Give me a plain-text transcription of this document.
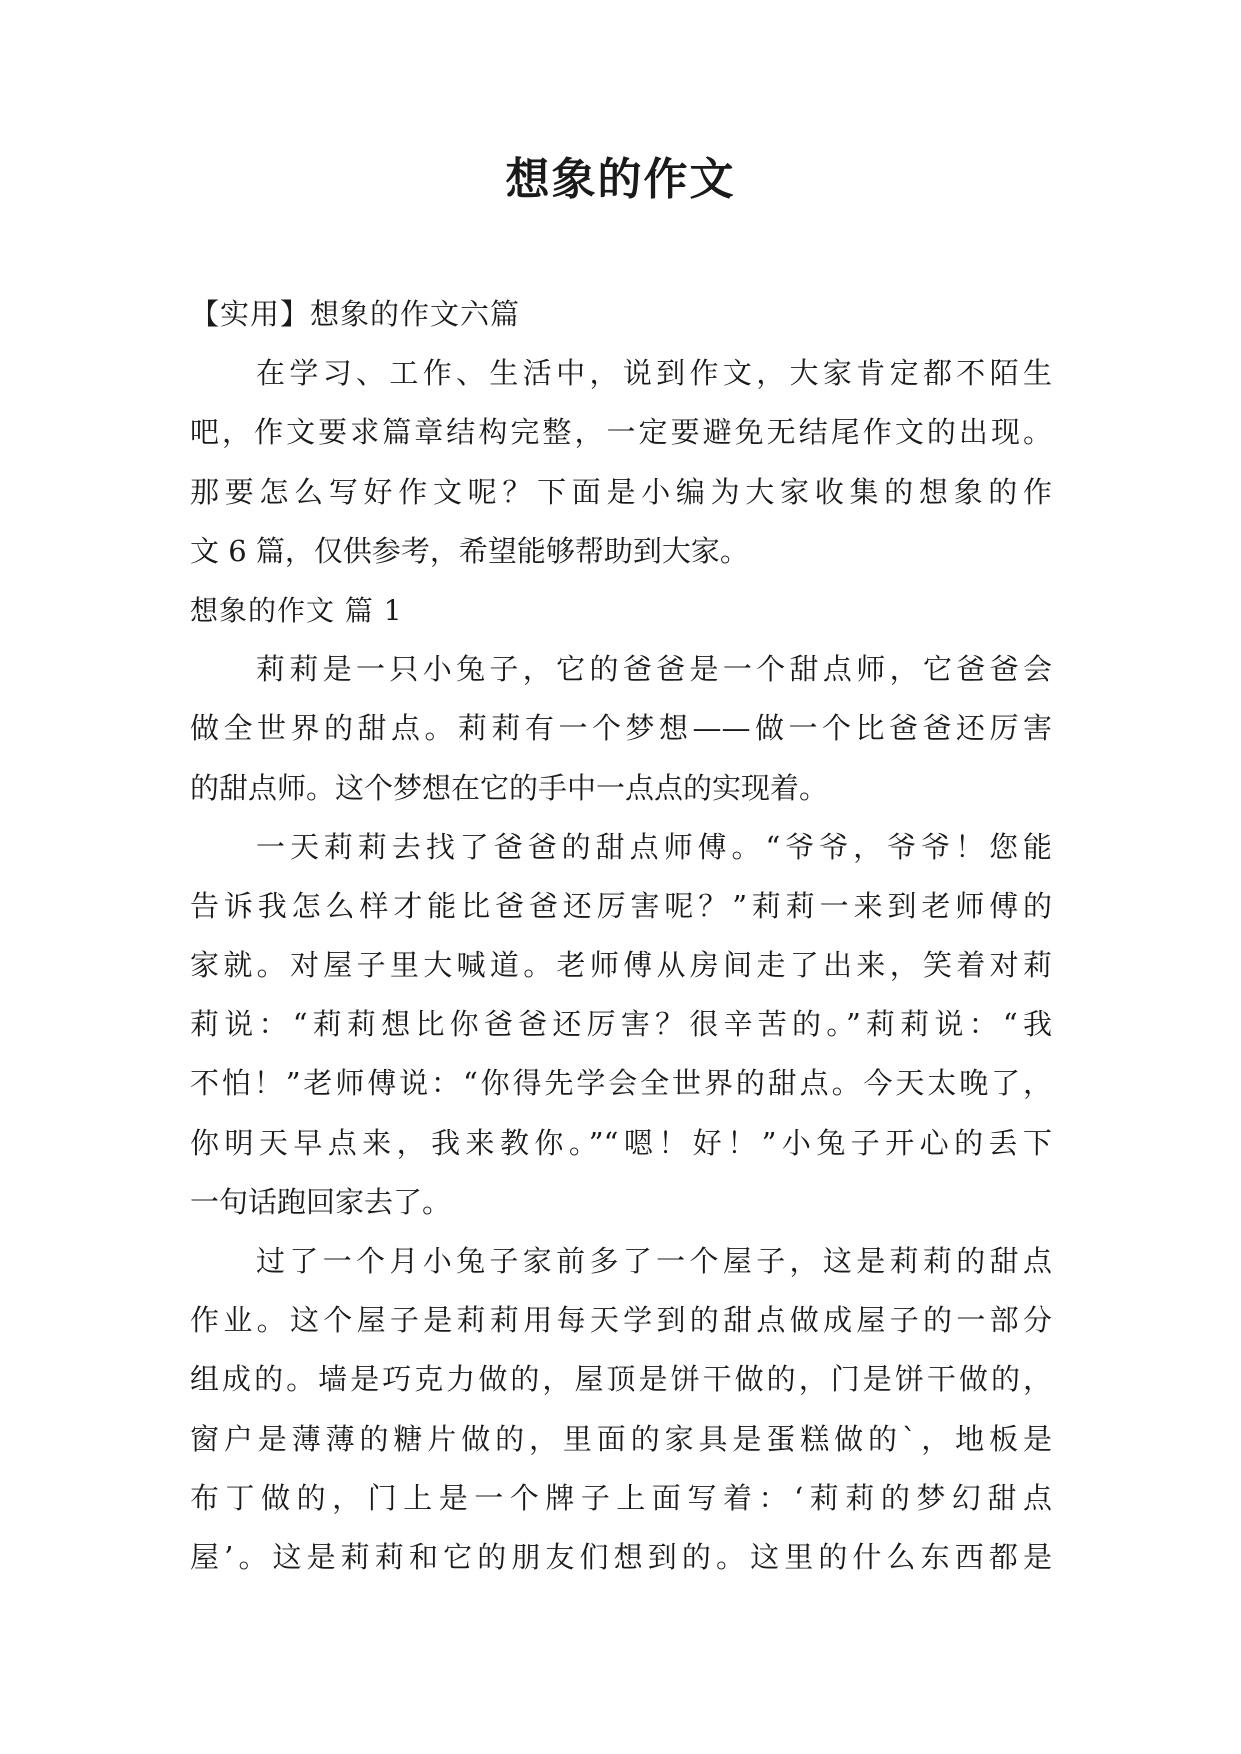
想象的作文
【实用】想象的作文六篇
在学习、工作、生活中，说到作文，大家肯定都不陌生
吧，作文要求篇章结构完整，一定要避免无结尾作文的出现。
那要怎么写好作文呢？下面是小编为大家收集的想象的作
文 6 篇，仅供参考，希望能够帮助到大家。
想象的作文 篇 1
莉莉是一只小兔子，它的爸爸是一个甜点师，它爸爸会
做全世界的甜点。莉莉有一个梦想——做一个比爸爸还厉害
的甜点师。这个梦想在它的手中一点点的实现着。
一天莉莉去找了爸爸的甜点师傅。“爷爷，爷爷！您能
告诉我怎么样才能比爸爸还厉害呢？”莉莉一来到老师傅的
家就。对屋子里大喊道。老师傅从房间走了出来，笑着对莉
莉说：“莉莉想比你爸爸还厉害？很辛苦的。”莉莉说：“我
不怕！”老师傅说：“你得先学会全世界的甜点。今天太晚了，
你明天早点来，我来教你。”“嗯！好！”小兔子开心的丢下
一句话跑回家去了。
过了一个月小兔子家前多了一个屋子，这是莉莉的甜点
作业。这个屋子是莉莉用每天学到的甜点做成屋子的一部分
组成的。墙是巧克力做的，屋顶是饼干做的，门是饼干做的，
窗户是薄薄的糖片做的，里面的家具是蛋糕做的`，地板是
布丁做的，门上是一个牌子上面写着：‘莉莉的梦幻甜点
屋’。这是莉莉和它的朋友们想到的。这里的什么东西都是
